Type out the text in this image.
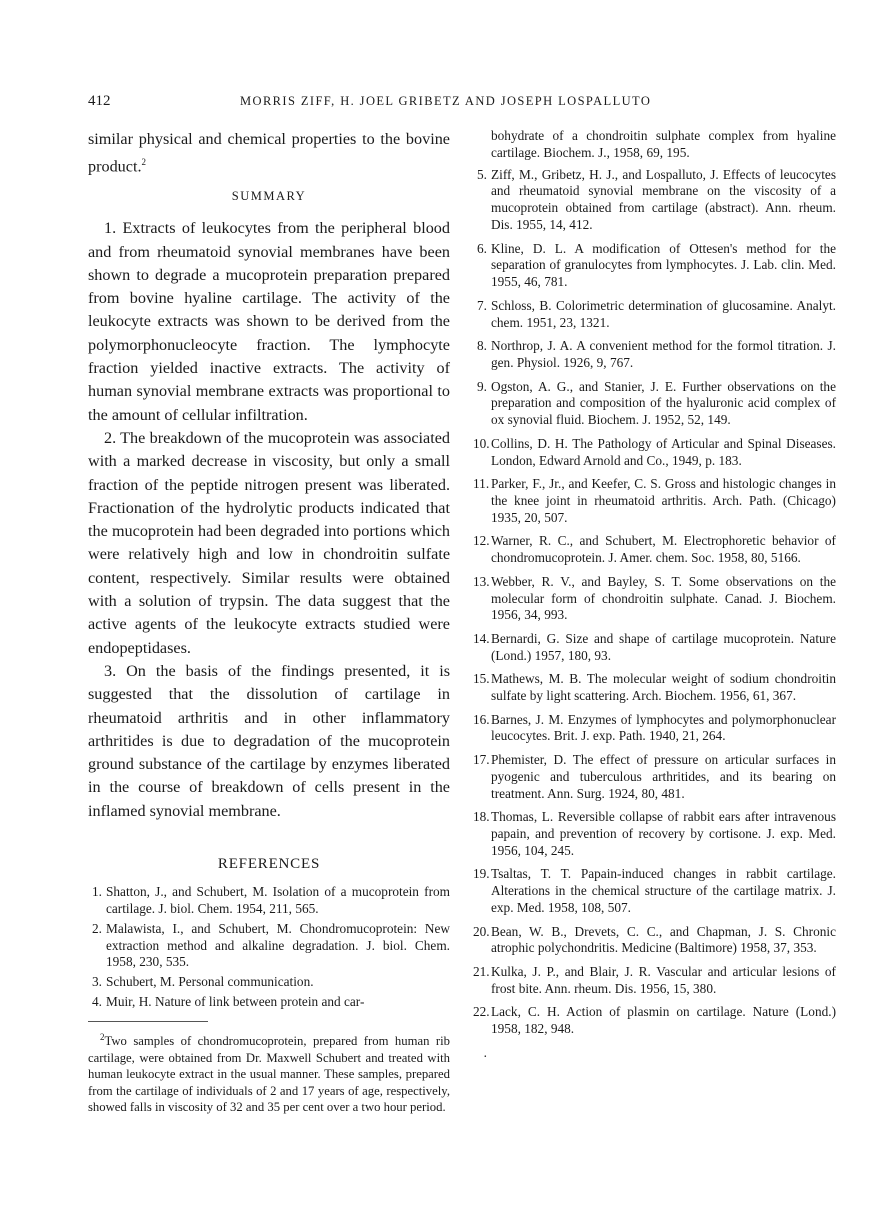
412	MORRIS ZIFF, H. JOEL GRIBETZ AND JOSEPH LOSPALLUTO

similar physical and chemical properties to the bovine product.$^2$

SUMMARY

1. Extracts of leukocytes from the peripheral blood and from rheumatoid synovial membranes have been shown to degrade a mucoprotein preparation prepared from bovine hyaline cartilage. The activity of the leukocyte extracts was shown to be derived from the polymorphonucleocyte fraction. The lymphocyte fraction yielded inactive extracts. The activity of human synovial membrane extracts was proportional to the amount of cellular infiltration.

2. The breakdown of the mucoprotein was associated with a marked decrease in viscosity, but only a small fraction of the peptide nitrogen present was liberated. Fractionation of the hydrolytic products indicated that the mucoprotein had been degraded into portions which were relatively high and low in chondroitin sulfate content, respectively. Similar results were obtained with a solution of trypsin. The data suggest that the active agents of the leukocyte extracts studied were endopeptidases.

3. On the basis of the findings presented, it is suggested that the dissolution of cartilage in rheumatoid arthritis and in other inflammatory arthritides is due to degradation of the mucoprotein ground substance of the cartilage by enzymes liberated in the course of breakdown of cells present in the inflamed synovial membrane.

REFERENCES
1 . Shatton, J., and Schubert, M. Isolation of a mucoprotein from cartilage. J. biol. Chem. 1954, 211, 565.
2 . Malawista, I., and Schubert, M. Chondromucoprotein: New extraction method and alkaline degradation. J. biol. Chem. 1958, 230, 535.
3 . Schubert, M. Personal communication.
4 . Muir, H. Nature of link between protein and car-
$^2$Two samples of chondromucoprotein, prepared from human rib cartilage, were obtained from Dr. Maxwell Schubert and treated with human leukocyte extract in the usual manner. These samples, prepared from the cartilage of individuals of 2 and 17 years of age, respectively, showed falls in viscosity of 32 and 35 per cent over a two hour period.
bohydrate of a chondroitin sulphate complex from hyaline cartilage. Biochem. J., 1958, 69, 195.
5 . Ziff, M., Gribetz, H. J., and Lospalluto, J. Effects of leucocytes and rheumatoid synovial membrane on the viscosity of a mucoprotein obtained from cartilage (abstract). Ann. rheum. Dis. 1955, 14, 412.
6 . Kline, D. L. A modification of Ottesen's method for the separation of granulocytes from lymphocytes. J. Lab. clin. Med. 1955, 46, 781.
7 . Schloss, B. Colorimetric determination of glucosamine. Analyt. chem. 1951, 23, 1321.
8 . Northrop, J. A. A convenient method for the formol titration. J. gen. Physiol. 1926, 9, 767.
9 . Ogston, A. G., and Stanier, J. E. Further observations on the preparation and composition of the hyaluronic acid complex of ox synovial fluid. Biochem. J. 1952, 52, 149.
10 . Collins, D. H. The Pathology of Articular and Spinal Diseases. London, Edward Arnold and Co., 1949, p. 183.
11 . Parker, F., Jr., and Keefer, C. S. Gross and histologic changes in the knee joint in rheumatoid arthritis. Arch. Path. (Chicago) 1935, 20, 507.
12 . Warner, R. C., and Schubert, M. Electrophoretic behavior of chondromucoprotein. J. Amer. chem. Soc. 1958, 80, 5166.
13 . Webber, R. V., and Bayley, S. T. Some observations on the molecular form of chondroitin sulphate. Canad. J. Biochem. 1956, 34, 993.
14 . Bernardi, G. Size and shape of cartilage mucoprotein. Nature (Lond.) 1957, 180, 93.
15 . Mathews, M. B. The molecular weight of sodium chondroitin sulfate by light scattering. Arch. Biochem. 1956, 61, 367.
16 . Barnes, J. M. Enzymes of lymphocytes and polymorphonuclear leucocytes. Brit. J. exp. Path. 1940, 21, 264.
17 . Phemister, D. The effect of pressure on articular surfaces in pyogenic and tuberculous arthritides, and its bearing on treatment. Ann. Surg. 1924, 80, 481.
18 . Thomas, L. Reversible collapse of rabbit ears after intravenous papain, and prevention of recovery by cortisone. J. exp. Med. 1956, 104, 245.
19 . Tsaltas, T. T. Papain-induced changes in rabbit cartilage. Alterations in the chemical structure of the cartilage matrix. J. exp. Med. 1958, 108, 507.
20 . Bean, W. B., Drevets, C. C., and Chapman, J. S. Chronic atrophic polychondritis. Medicine (Baltimore) 1958, 37, 353.
21 . Kulka, J. P., and Blair, J. R. Vascular and articular lesions of frost bite. Ann. rheum. Dis. 1956, 15, 380.
22 . Lack, C. H. Action of plasmin on cartilage. Nature (Lond.) 1958, 182, 948.
.
